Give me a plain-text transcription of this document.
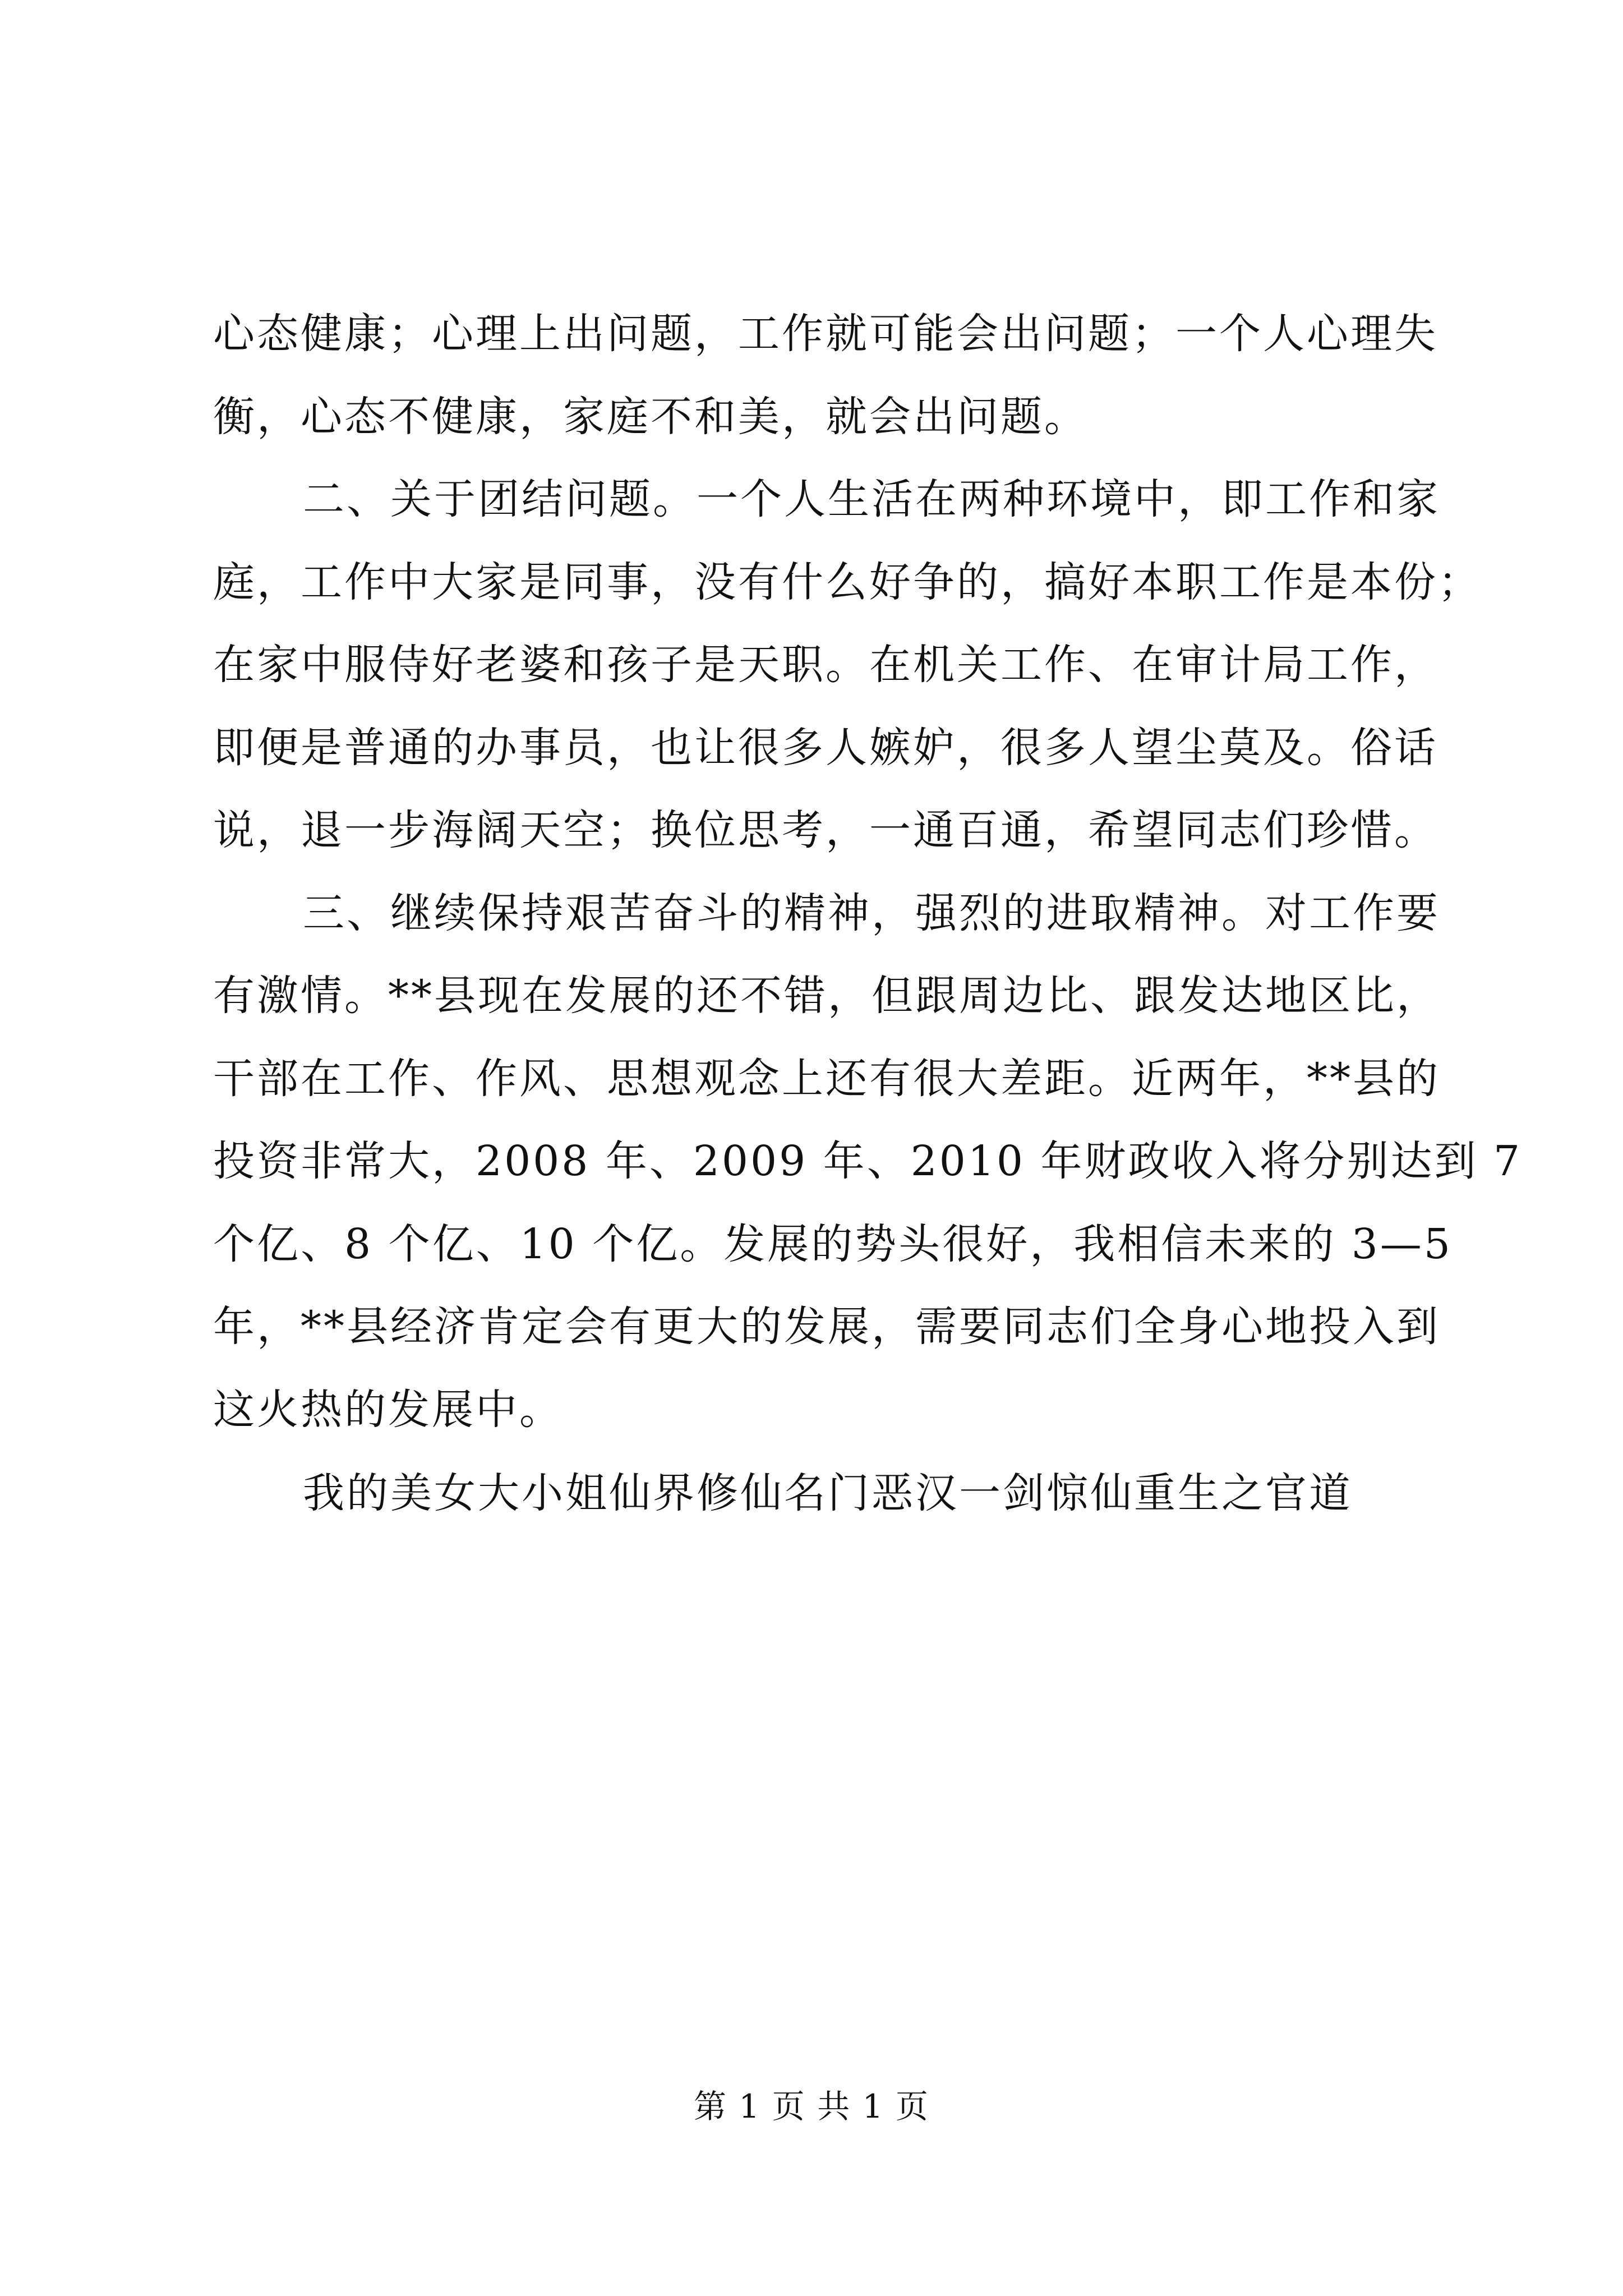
心态健康；心理上出问题，工作就可能会出问题；一个人心理失
衡，心态不健康，家庭不和美，就会出问题。
二、关于团结问题。一个人生活在两种环境中，即工作和家
庭，工作中大家是同事，没有什么好争的，搞好本职工作是本份；
在家中服侍好老婆和孩子是天职。在机关工作、在审计局工作，
即便是普通的办事员，也让很多人嫉妒，很多人望尘莫及。俗话
说，退一步海阔天空；换位思考，一通百通，希望同志们珍惜。
三、继续保持艰苦奋斗的精神，强烈的进取精神。对工作要
有激情。**县现在发展的还不错，但跟周边比、跟发达地区比，
干部在工作、作风、思想观念上还有很大差距。近两年，**县的
投资非常大，2008 年、2009 年、2010 年财政收入将分别达到 7
个亿、8 个亿、10 个亿。发展的势头很好，我相信未来的 3—5
年，**县经济肯定会有更大的发展，需要同志们全身心地投入到
这火热的发展中。
我的美女大小姐仙界修仙名门恶汉一剑惊仙重生之官道
第 1 页 共 1 页
